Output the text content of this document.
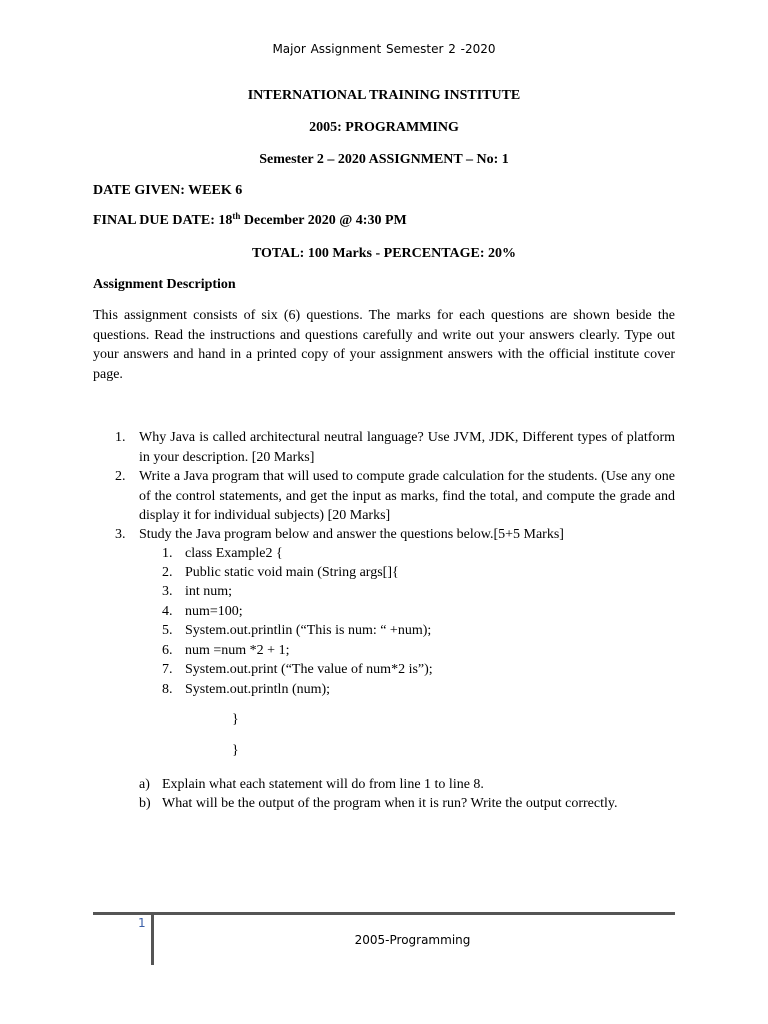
Major Assignment Semester 2 -2020
INTERNATIONAL TRAINING INSTITUTE
2005: PROGRAMMING
Semester 2 – 2020 ASSIGNMENT – No: 1
DATE GIVEN: WEEK 6
FINAL DUE DATE: 18th December 2020 @ 4:30 PM
TOTAL: 100 Marks - PERCENTAGE: 20%
Assignment Description
This assignment consists of six (6) questions. The marks for each questions are shown beside the questions. Read the instructions and questions carefully and write out your answers clearly. Type out your answers and hand in a printed copy of your assignment answers with the official institute cover page.
1. Why Java is called architectural neutral language? Use JVM, JDK, Different types of platform in your description. [20 Marks]
2. Write a Java program that will used to compute grade calculation for the students. (Use any one of the control statements, and get the input as marks, find the total, and compute the grade and display it for individual subjects) [20 Marks]
3. Study the Java program below and answer the questions below.[5+5 Marks]
1. class Example2 {
2. Public static void main (String args[]{
3. int num;
4. num=100;
5. System.out.printlin (“This is num: “ +num);
6. num =num *2 + 1;
7. System.out.print (“The value of num*2 is”);
8. System.out.println (num);
}
}
a) Explain what each statement will do from line 1 to line 8.
b) What will be the output of the program when it is run? Write the output correctly.
1
2005-Programming
